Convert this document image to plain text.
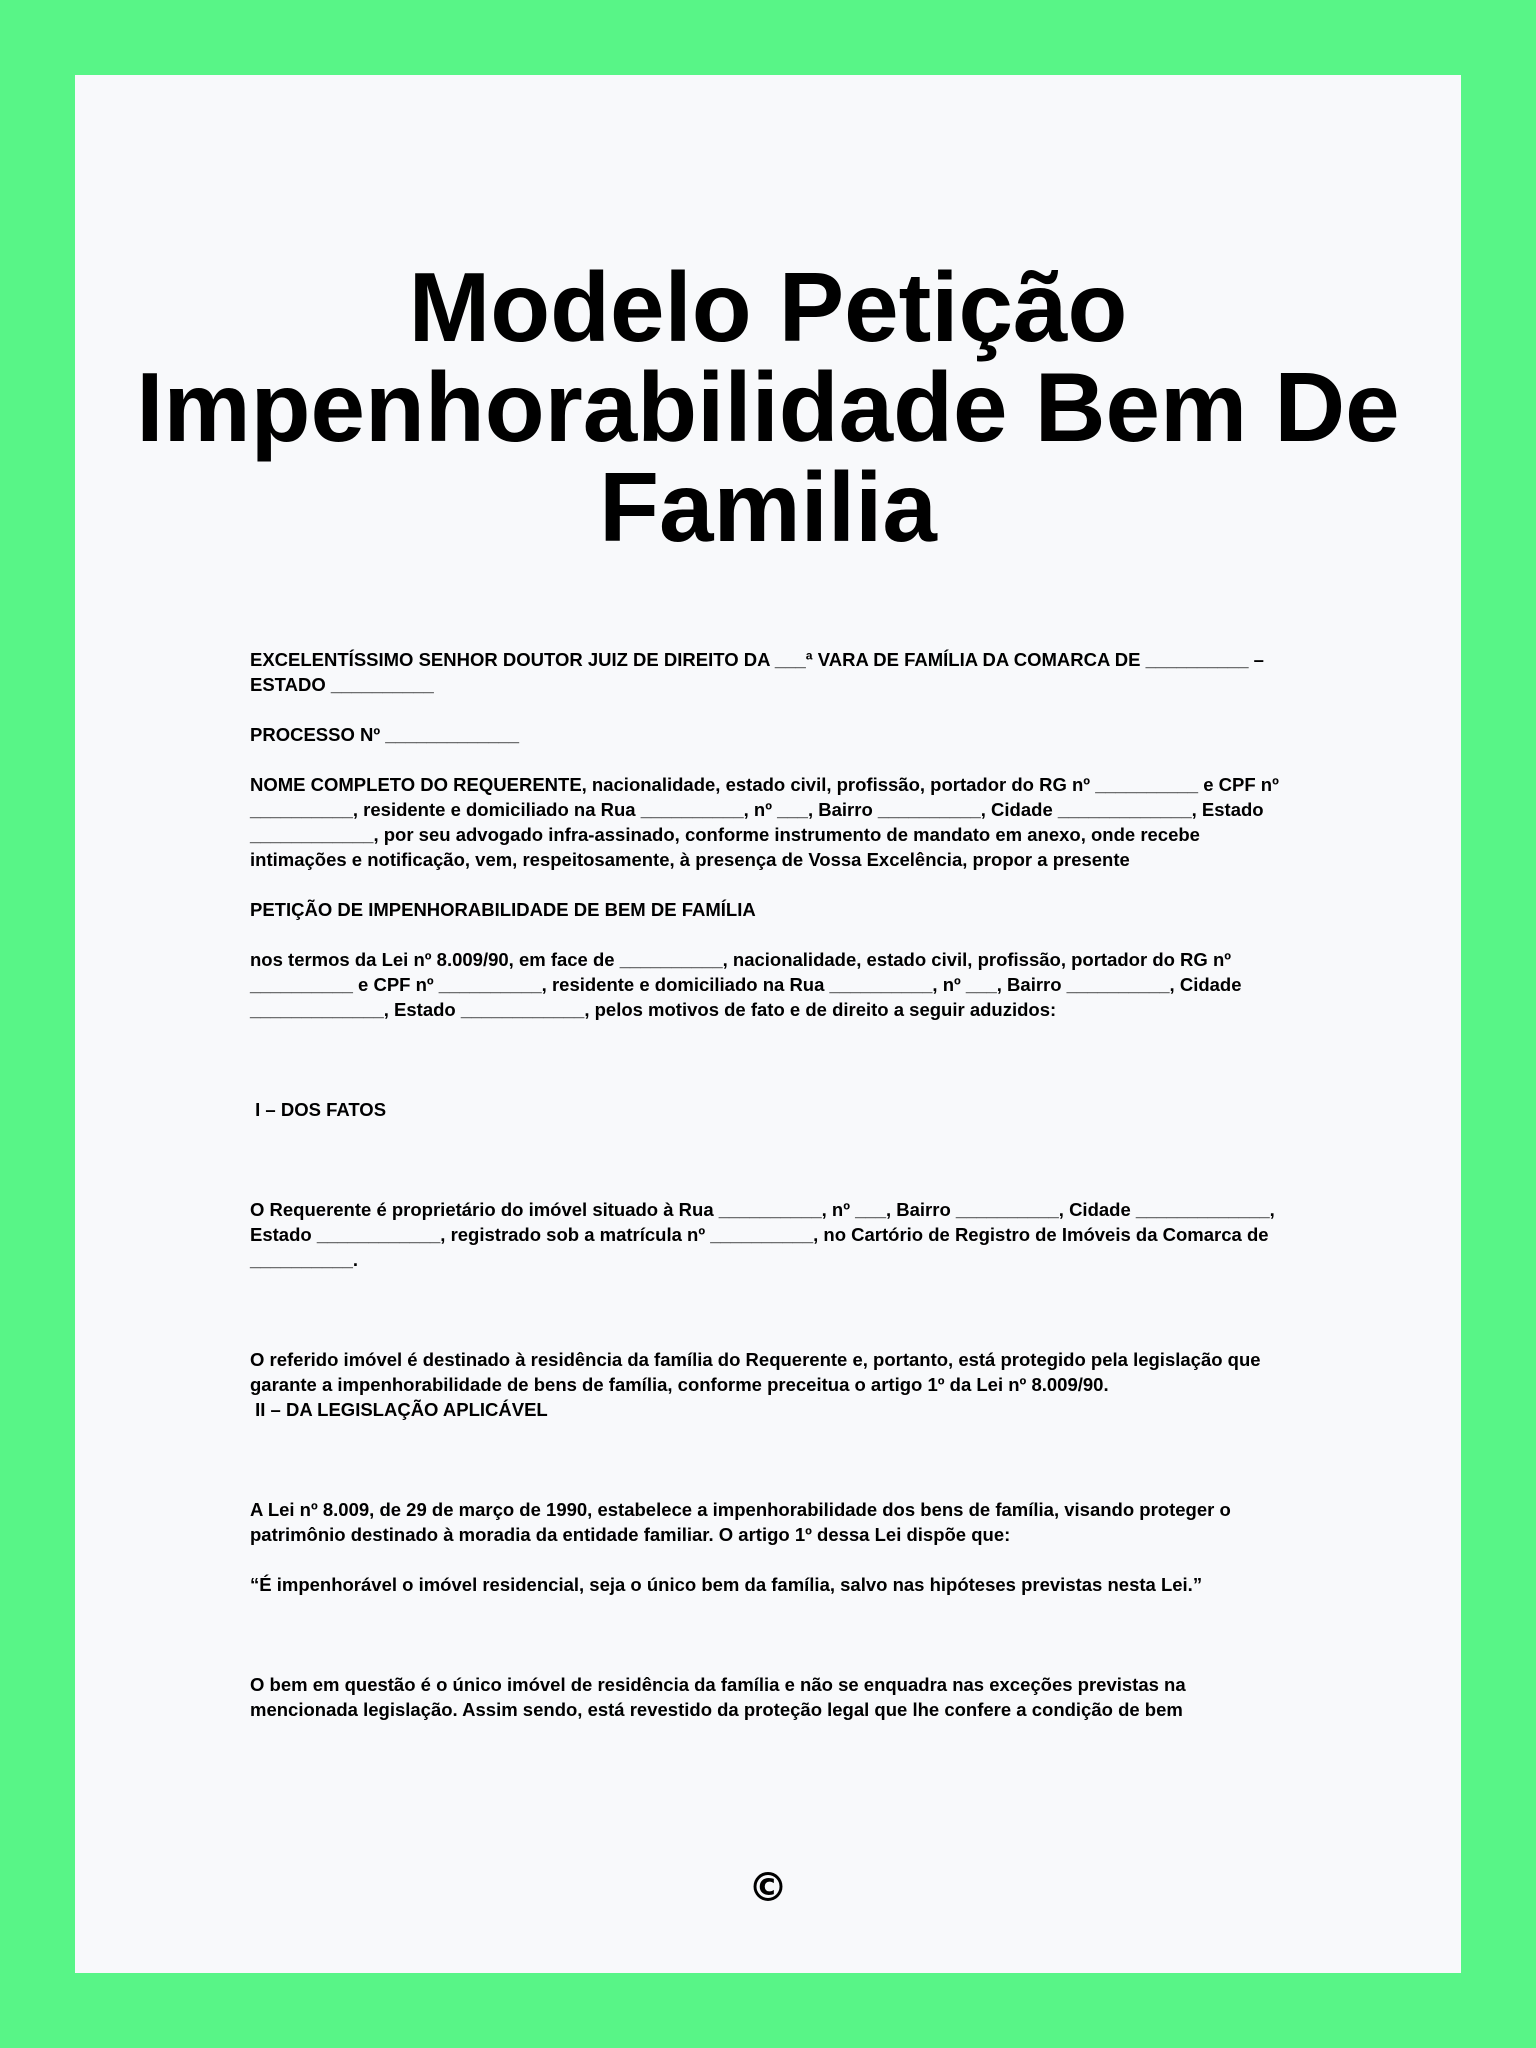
Modelo Petição Impenhorabilidade Bem De Familia

EXCELENTÍSSIMO SENHOR DOUTOR JUIZ DE DIREITO DA ___ª VARA DE FAMÍLIA DA COMARCA DE __________ – ESTADO __________

PROCESSO Nº _____________

NOME COMPLETO DO REQUERENTE, nacionalidade, estado civil, profissão, portador do RG nº __________ e CPF nº __________, residente e domiciliado na Rua __________, nº ___, Bairro __________, Cidade _____________, Estado ____________, por seu advogado infra-assinado, conforme instrumento de mandato em anexo, onde recebe intimações e notificação, vem, respeitosamente, à presença de Vossa Excelência, propor a presente

PETIÇÃO DE IMPENHORABILIDADE DE BEM DE FAMÍLIA

nos termos da Lei nº 8.009/90, em face de __________, nacionalidade, estado civil, profissão, portador do RG nº __________ e CPF nº __________, residente e domiciliado na Rua __________, nº ___, Bairro __________, Cidade _____________, Estado ____________, pelos motivos de fato e de direito a seguir aduzidos:

I – DOS FATOS

O Requerente é proprietário do imóvel situado à Rua __________, nº ___, Bairro __________, Cidade _____________, Estado ____________, registrado sob a matrícula nº __________, no Cartório de Registro de Imóveis da Comarca de __________.

O referido imóvel é destinado à residência da família do Requerente e, portanto, está protegido pela legislação que garante a impenhorabilidade de bens de família, conforme preceitua o artigo 1º da Lei nº 8.009/90.

II – DA LEGISLAÇÃO APLICÁVEL

A Lei nº 8.009, de 29 de março de 1990, estabelece a impenhorabilidade dos bens de família, visando proteger o patrimônio destinado à moradia da entidade familiar. O artigo 1º dessa Lei dispõe que:

“É impenhorável o imóvel residencial, seja o único bem da família, salvo nas hipóteses previstas nesta Lei.”

O bem em questão é o único imóvel de residência da família e não se enquadra nas exceções previstas na mencionada legislação. Assim sendo, está revestido da proteção legal que lhe confere a condição de bem

©
